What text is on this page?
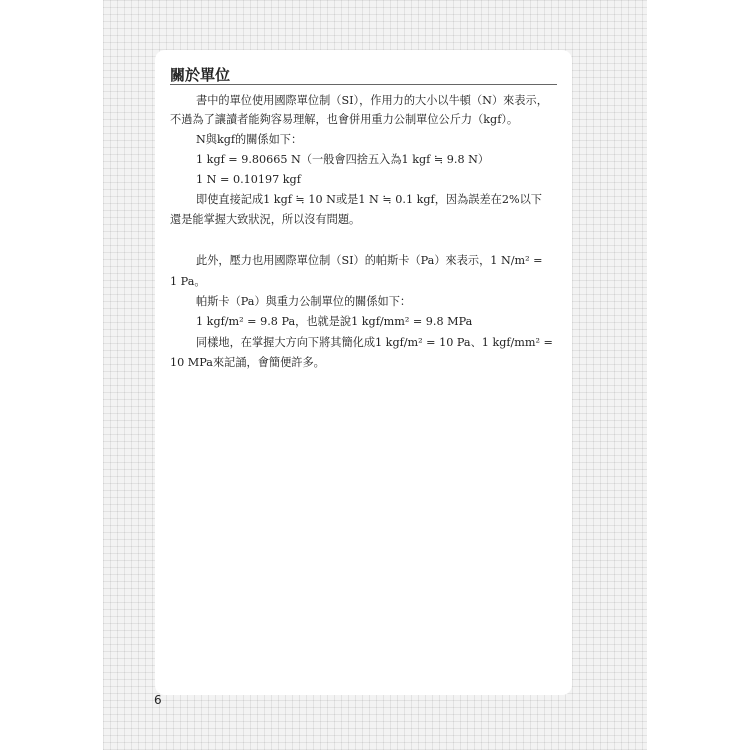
關於單位

書中的單位使用國際單位制（SI），作用力的大小以牛頓（N）來表示，

不過為了讓讀者能夠容易理解，也會併用重力公制單位公斤力（kgf）。

N與kgf的關係如下：

1 kgf = 9.80665 N（一般會四捨五入為1 kgf ≒ 9.8 N）

1 N = 0.10197 kgf

即使直接記成1 kgf ≒ 10 N或是1 N ≒ 0.1 kgf，因為誤差在2%以下

還是能掌握大致狀況，所以沒有問題。

此外，壓力也用國際單位制（SI）的帕斯卡（Pa）來表示，1 N/m² =

1 Pa。

帕斯卡（Pa）與重力公制單位的關係如下：

1 kgf/m² = 9.8 Pa，也就是說1 kgf/mm² = 9.8 MPa

同樣地，在掌握大方向下將其簡化成1 kgf/m² = 10 Pa、1 kgf/mm² =

10 MPa來記誦，會簡便許多。

6
